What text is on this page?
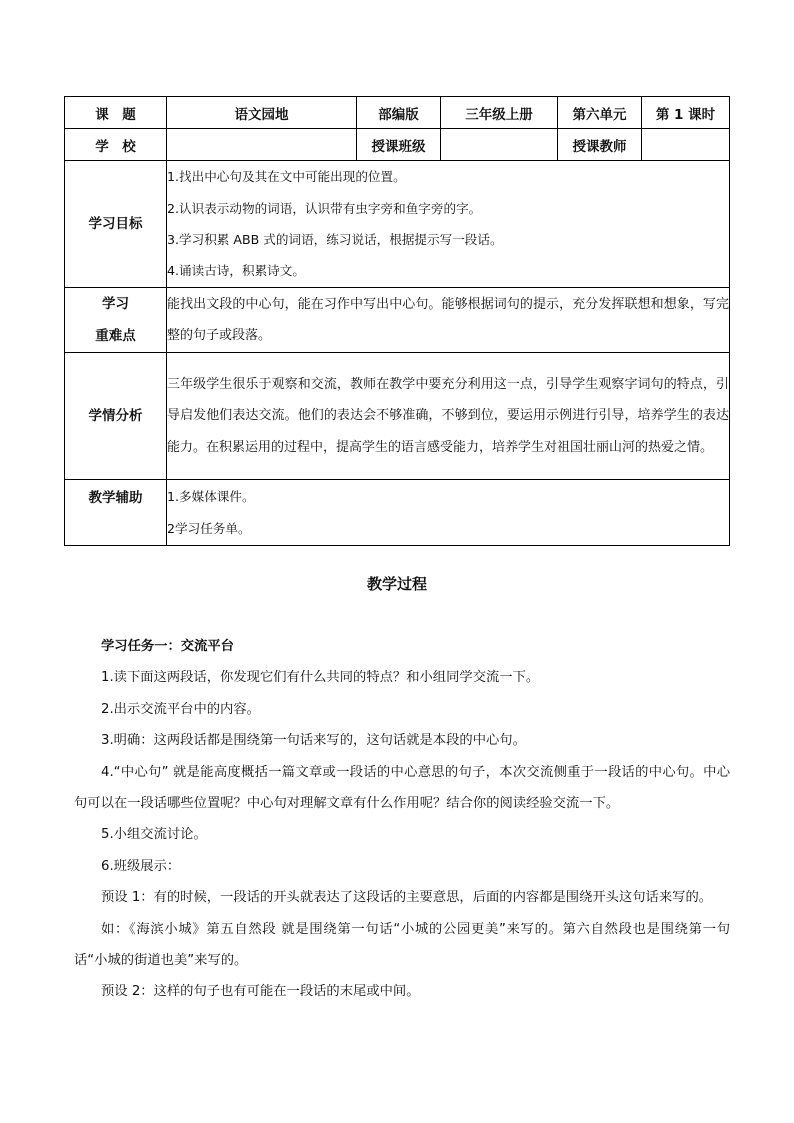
课　题	语文园地	部编版	三年级上册	第六单元	第 1 课时
学　校		授课班级		授课教师	
学习目标	1.找出中心句及其在文中可能出现的位置。
2.认识表示动物的词语，认识带有虫字旁和鱼字旁的字。
3.学习积累 ABB 式的词语，练习说话，根据提示写一段话。
4.诵读古诗，积累诗文。				

学习
重难点	能找出文段的中心句，能在习作中写出中心句。能够根据词句的提示，充分发挥联想和想象，写完整的句子或段落。				

学情分析	三年级学生很乐于观察和交流，教师在教学中要充分利用这一点，引导学生观察字词句的特点，引导启发他们表达交流。他们的表达会不够准确，不够到位，要运用示例进行引导，培养学生的表达能力。在积累运用的过程中，提高学生的语言感受能力，培养学生对祖国壮丽山河的热爱之情。				

教学辅助	1.多媒体课件。
2学习任务单。				
教学过程

学习任务一：交流平台

1.读下面这两段话，你发现它们有什么共同的特点？和小组同学交流一下。

2.出示交流平台中的内容。

3.明确：这两段话都是围绕第一句话来写的，这句话就是本段的中心句。

4.“中心句” 就是能高度概括一篇文章或一段话的中心意思的句子，本次交流侧重于一段话的中心句。中心句可以在一段话哪些位置呢？中心句对理解文章有什么作用呢？结合你的阅读经验交流一下。

5.小组交流讨论。

6.班级展示：

预设 1：有的时候，一段话的开头就表达了这段话的主要意思，后面的内容都是围绕开头这句话来写的。

如：《海滨小城》第五自然段 就是围绕第一句话“小城的公园更美”来写的。第六自然段也是围绕第一句话“小城的街道也美”来写的。

预设 2：这样的句子也有可能在一段话的末尾或中间。
